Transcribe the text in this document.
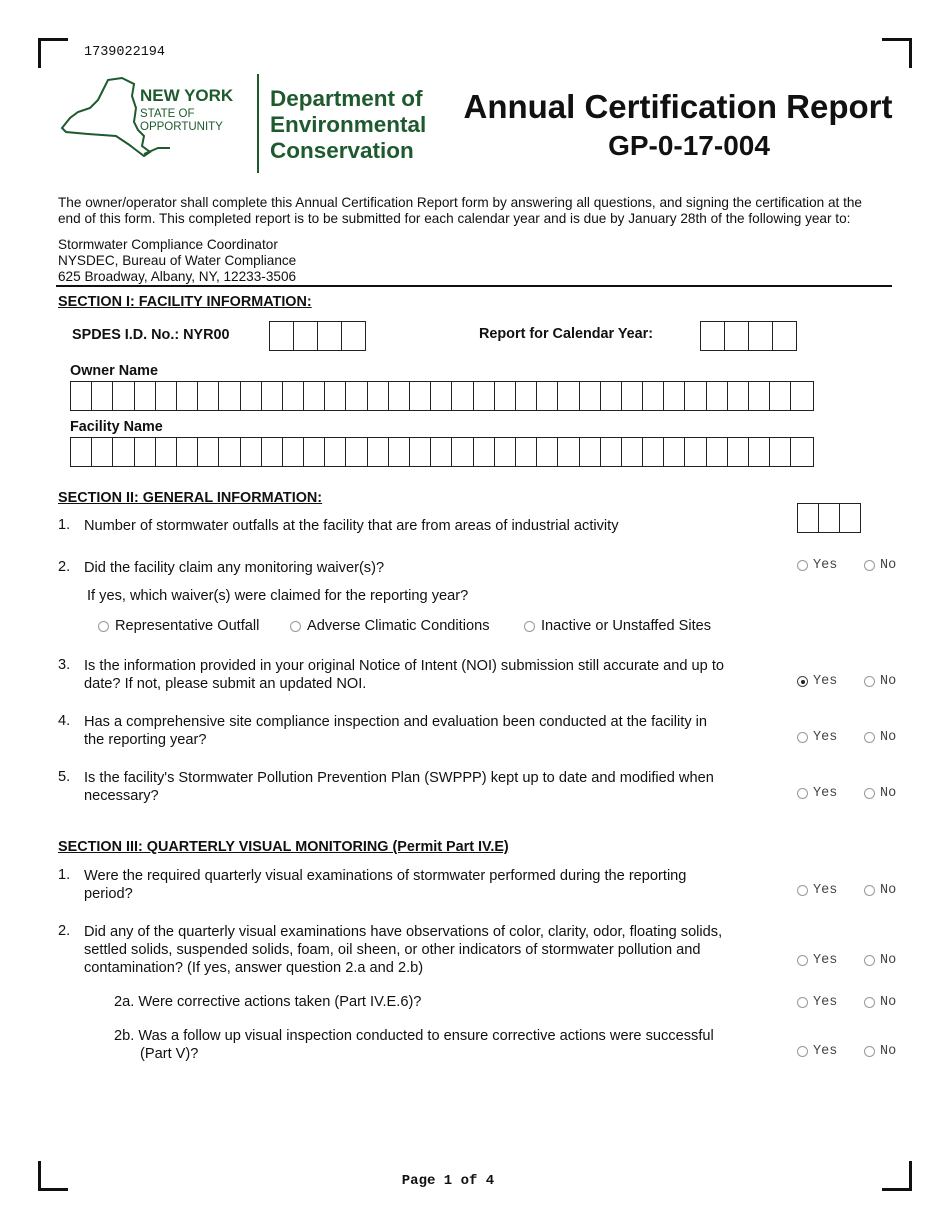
1739022194
NEW YORK
STATE OF
OPPORTUNITY
Department of
Environmental
Conservation
Annual Certification Report
GP-0-17-004
The owner/operator shall complete this Annual Certification Report form by answering all questions, and signing the certification at the
end of this form. This completed report is to be submitted for each calendar year and is due by January 28th of the following year to:
Stormwater Compliance Coordinator
NYSDEC, Bureau of Water Compliance
625 Broadway, Albany, NY, 12233-3506
SECTION I: FACILITY INFORMATION:
SPDES I.D. No.: NYR00	Report for Calendar Year:
Owner Name
Facility Name
SECTION II: GENERAL INFORMATION:
1. Number of stormwater outfalls at the facility that are from areas of industrial activity
2. Did the facility claim any monitoring waiver(s)?	Yes	No
If yes, which waiver(s) were claimed for the reporting year?
Representative Outfall	Adverse Climatic Conditions	Inactive or Unstaffed Sites
3. Is the information provided in your original Notice of Intent (NOI) submission still accurate and up to
date? If not, please submit an updated NOI.	Yes	No
4. Has a comprehensive site compliance inspection and evaluation been conducted at the facility in
the reporting year?	Yes	No
5. Is the facility's Stormwater Pollution Prevention Plan (SWPPP) kept up to date and modified when
necessary?	Yes	No
SECTION III: QUARTERLY VISUAL MONITORING (Permit Part IV.E)
1. Were the required quarterly visual examinations of stormwater performed during the reporting
period?	Yes	No
2. Did any of the quarterly visual examinations have observations of color, clarity, odor, floating solids,
settled solids, suspended solids, foam, oil sheen, or other indicators of stormwater pollution and
contamination? (If yes, answer question 2.a and 2.b)	Yes	No
2a. Were corrective actions taken (Part IV.E.6)?	Yes	No
2b. Was a follow up visual inspection conducted to ensure corrective actions were successful
(Part V)?	Yes	No
Page 1 of 4
